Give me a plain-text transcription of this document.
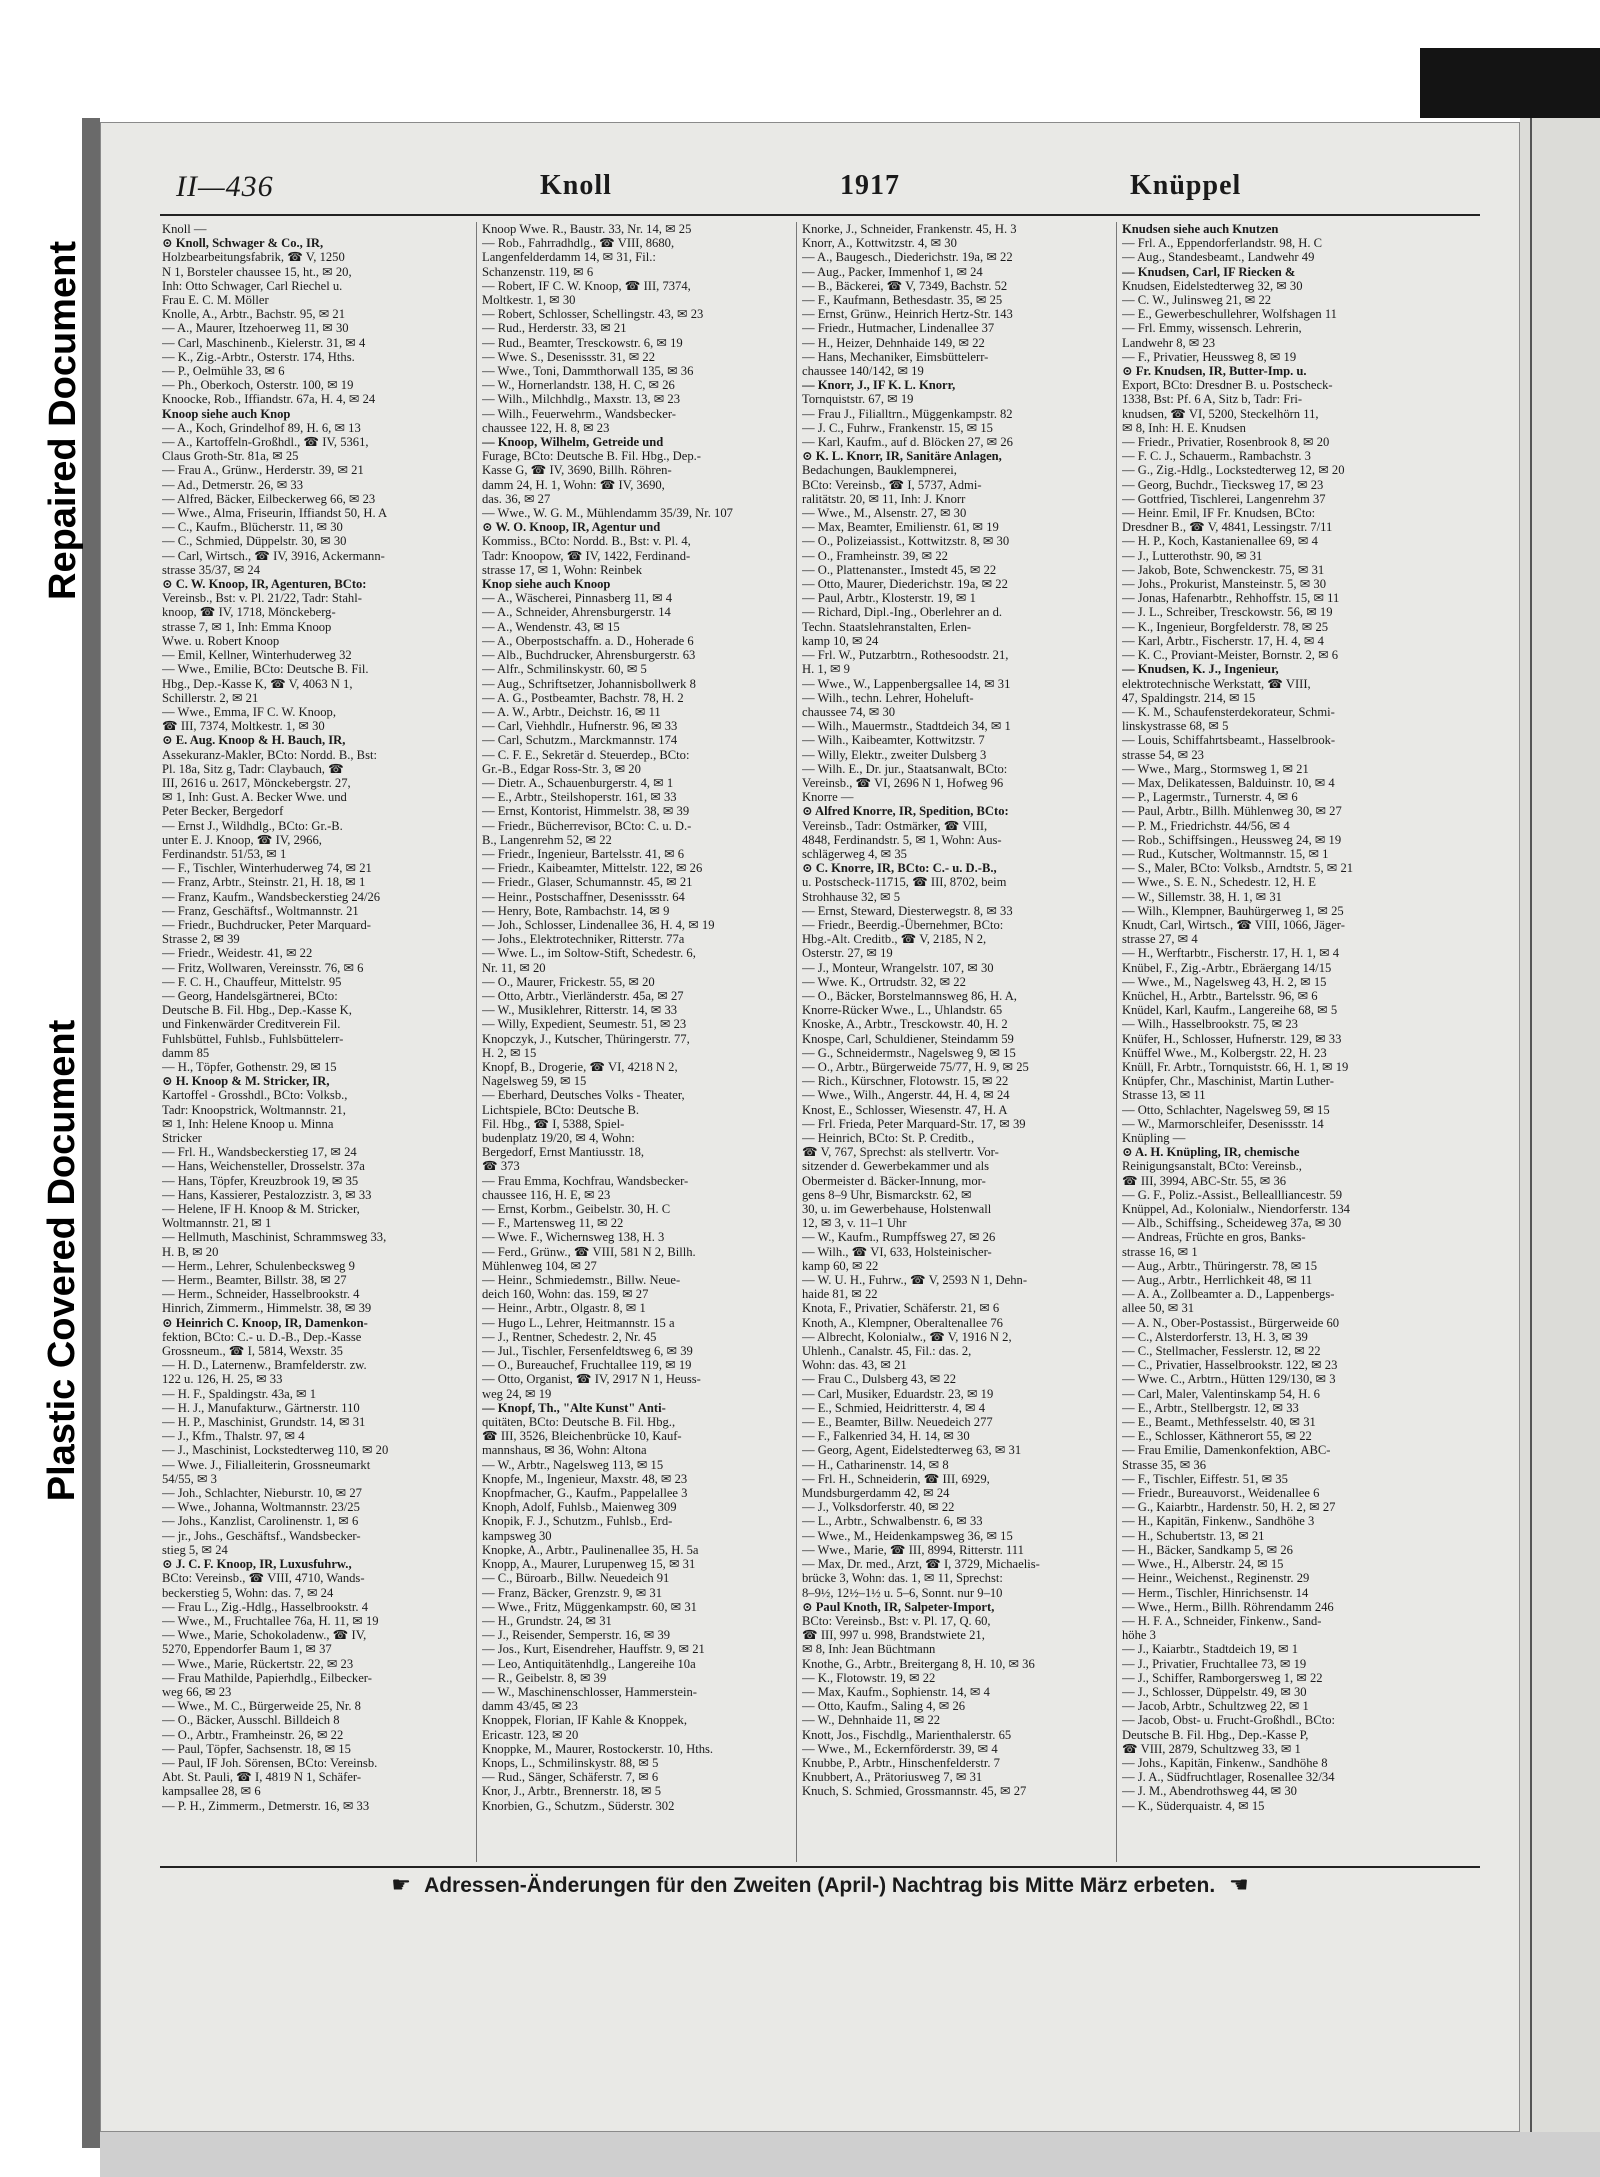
Repaired Document
Plastic Covered Document
II—436	Knoll	1917	Knüppel
Knoll —
⊙ Knoll, Schwager & Co., IR,
Holzbearbeitungsfabrik, ☎ V, 1250
N 1, Borsteler chaussee 15, ht., ✉ 20,
Inh: Otto Schwager, Carl Riechel u.
Frau E. C. M. Möller
Knolle, A., Arbtr., Bachstr. 95, ✉ 21
— A., Maurer, Itzehoerweg 11, ✉ 30
— Carl, Maschinenb., Kielerstr. 31, ✉ 4
— K., Zig.-Arbtr., Osterstr. 174, Hths.
— P., Oelmühle 33, ✉ 6
— Ph., Oberkoch, Osterstr. 100, ✉ 19
Knoocke, Rob., Iffiandstr. 67a, H. 4, ✉ 24
Knoop siehe auch Knop
— A., Koch, Grindelhof 89, H. 6, ✉ 13
— A., Kartoffeln-Großhdl., ☎ IV, 5361,
Claus Groth-Str. 81a, ✉ 25
— Frau A., Grünw., Herderstr. 39, ✉ 21
— Ad., Detmerstr. 26, ✉ 33
— Alfred, Bäcker, Eilbeckerweg 66, ✉ 23
— Wwe., Alma, Friseurin, Iffiandst 50, H. A
— C., Kaufm., Blücherstr. 11, ✉ 30
— C., Schmied, Düppelstr. 30, ✉ 30
— Carl, Wirtsch., ☎ IV, 3916, Ackermann-
strasse 35/37, ✉ 24
⊙ C. W. Knoop, IR, Agenturen, BCto:
Vereinsb., Bst: v. Pl. 21/22, Tadr: Stahl-
knoop, ☎ IV, 1718, Mönckeberg-
strasse 7, ✉ 1, Inh: Emma Knoop
Wwe. u. Robert Knoop
— Emil, Kellner, Winterhuderweg 32
— Wwe., Emilie, BCto: Deutsche B. Fil.
Hbg., Dep.-Kasse K, ☎ V, 4063 N 1,
Schillerstr. 2, ✉ 21
— Wwe., Emma, IF C. W. Knoop,
☎ III, 7374, Moltkestr. 1, ✉ 30
⊙ E. Aug. Knoop & H. Bauch, IR,
Assekuranz-Makler, BCto: Nordd. B., Bst:
Pl. 18a, Sitz g, Tadr: Claybauch, ☎
III, 2616 u. 2617, Mönckebergstr. 27,
✉ 1, Inh: Gust. A. Becker Wwe. und
Peter Becker, Bergedorf
— Ernst J., Wildhdlg., BCto: Gr.-B.
unter E. J. Knoop, ☎ IV, 2966,
Ferdinandstr. 51/53, ✉ 1
— F., Tischler, Winterhuderweg 74, ✉ 21
— Franz, Arbtr., Steinstr. 21, H. 18, ✉ 1
— Franz, Kaufm., Wandsbeckerstieg 24/26
— Franz, Geschäftsf., Woltmannstr. 21
— Friedr., Buchdrucker, Peter Marquard-
Strasse 2, ✉ 39
— Friedr., Weidestr. 41, ✉ 22
— Fritz, Wollwaren, Vereinsstr. 76, ✉ 6
— F. C. H., Chauffeur, Mittelstr. 95
— Georg, Handelsgärtnerei, BCto:
Deutsche B. Fil. Hbg., Dep.-Kasse K,
und Finkenwärder Creditverein Fil.
Fuhlsbüttel, Fuhlsb., Fuhlsbüttelerr-
damm 85
— H., Töpfer, Gothenstr. 29, ✉ 15
⊙ H. Knoop & M. Stricker, IR,
Kartoffel - Grosshdl., BCto: Volksb.,
Tadr: Knoopstrick, Woltmannstr. 21,
✉ 1, Inh: Helene Knoop u. Minna
Stricker
— Frl. H., Wandsbeckerstieg 17, ✉ 24
— Hans, Weichensteller, Drosselstr. 37a
— Hans, Töpfer, Kreuzbrook 19, ✉ 35
— Hans, Kassierer, Pestalozzistr. 3, ✉ 33
— Helene, IF H. Knoop & M. Stricker,
Woltmannstr. 21, ✉ 1
— Hellmuth, Maschinist, Schrammsweg 33,
H. B, ✉ 20
— Herm., Lehrer, Schulenbecksweg 9
— Herm., Beamter, Billstr. 38, ✉ 27
— Herm., Schneider, Hasselbrookstr. 4
Hinrich, Zimmerm., Himmelstr. 38, ✉ 39
⊙ Heinrich C. Knoop, IR, Damenkon-
fektion, BCto: C.- u. D.-B., Dep.-Kasse
Grossneum., ☎ I, 5814, Wexstr. 35
— H. D., Laternenw., Bramfelderstr. zw.
122 u. 126, H. 25, ✉ 33
— H. F., Spaldingstr. 43a, ✉ 1
— H. J., Manufakturw., Gärtnerstr. 110
— H. P., Maschinist, Grundstr. 14, ✉ 31
— J., Kfm., Thalstr. 97, ✉ 4
— J., Maschinist, Lockstedterweg 110, ✉ 20
— Wwe. J., Filialleiterin, Grossneumarkt
54/55, ✉ 3
— Joh., Schlachter, Nieburstr. 10, ✉ 27
— Wwe., Johanna, Woltmannstr. 23/25
— Johs., Kanzlist, Carolinenstr. 1, ✉ 6
— jr., Johs., Geschäftsf., Wandsbecker-
stieg 5, ✉ 24
⊙ J. C. F. Knoop, IR, Luxusfuhrw.,
BCto: Vereinsb., ☎ VIII, 4710, Wands-
beckerstieg 5, Wohn: das. 7, ✉ 24
— Frau L., Zig.-Hdlg., Hasselbrookstr. 4
— Wwe., M., Fruchtallee 76a, H. 11, ✉ 19
— Wwe., Marie, Schokoladenw., ☎ IV,
5270, Eppendorfer Baum 1, ✉ 37
— Wwe., Marie, Rückertstr. 22, ✉ 23
— Frau Mathilde, Papierhdlg., Eilbecker-
weg 66, ✉ 23
— Wwe., M. C., Bürgerweide 25, Nr. 8
— O., Bäcker, Ausschl. Billdeich 8
— O., Arbtr., Framheinstr. 26, ✉ 22
— Paul, Töpfer, Sachsenstr. 18, ✉ 15
— Paul, IF Joh. Sörensen, BCto: Vereinsb.
Abt. St. Pauli, ☎ I, 4819 N 1, Schäfer-
kampsallee 28, ✉ 6
— P. H., Zimmerm., Detmerstr. 16, ✉ 33
Knoop Wwe. R., Baustr. 33, Nr. 14, ✉ 25
— Rob., Fahrradhdlg., ☎ VIII, 8680,
Langenfelderdamm 14, ✉ 31, Fil.:
Schanzenstr. 119, ✉ 6
— Robert, IF C. W. Knoop, ☎ III, 7374,
Moltkestr. 1, ✉ 30
— Robert, Schlosser, Schellingstr. 43, ✉ 23
— Rud., Herderstr. 33, ✉ 21
— Rud., Beamter, Tresckowstr. 6, ✉ 19
— Wwe. S., Desenissstr. 31, ✉ 22
— Wwe., Toni, Dammthorwall 135, ✉ 36
— W., Hornerlandstr. 138, H. C, ✉ 26
— Wilh., Milchhdlg., Maxstr. 13, ✉ 23
— Wilh., Feuerwehrm., Wandsbecker-
chaussee 122, H. 8, ✉ 23
— Knoop, Wilhelm, Getreide und
Furage, BCto: Deutsche B. Fil. Hbg., Dep.-
Kasse G, ☎ IV, 3690, Billh. Röhren-
damm 24, H. 1, Wohn: ☎ IV, 3690,
das. 36, ✉ 27
— Wwe., W. G. M., Mühlendamm 35/39, Nr. 107
⊙ W. O. Knoop, IR, Agentur und
Kommiss., BCto: Nordd. B., Bst: v. Pl. 4,
Tadr: Knoopow, ☎ IV, 1422, Ferdinand-
strasse 17, ✉ 1, Wohn: Reinbek
Knop siehe auch Knoop
— A., Wäscherei, Pinnasberg 11, ✉ 4
— A., Schneider, Ahrensburgerstr. 14
— A., Wendenstr. 43, ✉ 15
— A., Oberpostschaffn. a. D., Hoherade 6
— Alb., Buchdrucker, Ahrensburgerstr. 63
— Alfr., Schmilinskystr. 60, ✉ 5
— Aug., Schriftsetzer, Johannisbollwerk 8
— A. G., Postbeamter, Bachstr. 78, H. 2
— A. W., Arbtr., Deichstr. 16, ✉ 11
— Carl, Viehhdlr., Hufnerstr. 96, ✉ 33
— Carl, Schutzm., Marckmannstr. 174
— C. F. E., Sekretär d. Steuerdep., BCto:
Gr.-B., Edgar Ross-Str. 3, ✉ 20
— Dietr. A., Schauenburgerstr. 4, ✉ 1
— E., Arbtr., Steilshoperstr. 161, ✉ 33
— Ernst, Kontorist, Himmelstr. 38, ✉ 39
— Friedr., Bücherrevisor, BCto: C. u. D.-
B., Langenrehm 52, ✉ 22
— Friedr., Ingenieur, Bartelsstr. 41, ✉ 6
— Friedr., Kaibeamter, Mittelstr. 122, ✉ 26
— Friedr., Glaser, Schumannstr. 45, ✉ 21
— Heinr., Postschaffner, Desenissstr. 64
— Henry, Bote, Rambachstr. 14, ✉ 9
— Joh., Schlosser, Lindenallee 36, H. 4, ✉ 19
— Johs., Elektrotechniker, Ritterstr. 77a
— Wwe. L., im Soltow-Stift, Schedestr. 6,
Nr. 11, ✉ 20
— O., Maurer, Frickestr. 55, ✉ 20
— Otto, Arbtr., Vierländerstr. 45a, ✉ 27
— W., Musiklehrer, Ritterstr. 14, ✉ 33
— Willy, Expedient, Seumestr. 51, ✉ 23
Knopczyk, J., Kutscher, Thüringerstr. 77,
H. 2, ✉ 15
Knopf, B., Drogerie, ☎ VI, 4218 N 2,
Nagelsweg 59, ✉ 15
— Eberhard, Deutsches Volks - Theater,
Lichtspiele, BCto: Deutsche B.
Fil. Hbg., ☎ I, 5388, Spiel-
budenplatz 19/20, ✉ 4, Wohn:
Bergedorf, Ernst Mantiusstr. 18,
☎ 373
— Frau Emma, Kochfrau, Wandsbecker-
chaussee 116, H. E, ✉ 23
— Ernst, Korbm., Geibelstr. 30, H. C
— F., Martensweg 11, ✉ 22
— Wwe. F., Wichernsweg 138, H. 3
— Ferd., Grünw., ☎ VIII, 581 N 2, Billh.
Mühlenweg 104, ✉ 27
— Heinr., Schmiedemstr., Billw. Neue-
deich 160, Wohn: das. 159, ✉ 27
— Heinr., Arbtr., Olgastr. 8, ✉ 1
— Hugo L., Lehrer, Heitmannstr. 15 a
— J., Rentner, Schedestr. 2, Nr. 45
— Jul., Tischler, Fersenfeldtsweg 6, ✉ 39
— O., Bureauchef, Fruchtallee 119, ✉ 19
— Otto, Organist, ☎ IV, 2917 N 1, Heuss-
weg 24, ✉ 19
— Knopf, Th., "Alte Kunst" Anti-
quitäten, BCto: Deutsche B. Fil. Hbg.,
☎ III, 3526, Bleichenbrücke 10, Kauf-
mannshaus, ✉ 36, Wohn: Altona
— W., Arbtr., Nagelsweg 113, ✉ 15
Knopfe, M., Ingenieur, Maxstr. 48, ✉ 23
Knopfmacher, G., Kaufm., Pappelallee 3
Knoph, Adolf, Fuhlsb., Maienweg 309
Knopik, F. J., Schutzm., Fuhlsb., Erd-
kampsweg 30
Knopke, A., Arbtr., Paulinenallee 35, H. 5a
Knopp, A., Maurer, Lurupenweg 15, ✉ 31
— C., Büroarb., Billw. Neuedeich 91
— Franz, Bäcker, Grenzstr. 9, ✉ 31
— Wwe., Fritz, Müggenkampstr. 60, ✉ 31
— H., Grundstr. 24, ✉ 31
— J., Reisender, Semperstr. 16, ✉ 39
— Jos., Kurt, Eisendreher, Hauffstr. 9, ✉ 21
— Leo, Antiquitätenhdlg., Langereihe 10a
— R., Geibelstr. 8, ✉ 39
— W., Maschinenschlosser, Hammerstein-
damm 43/45, ✉ 23
Knoppek, Florian, IF Kahle & Knoppek,
Ericastr. 123, ✉ 20
Knoppke, M., Maurer, Rostockerstr. 10, Hths.
Knops, L., Schmilinskystr. 88, ✉ 5
— Rud., Sänger, Schäferstr. 7, ✉ 6
Knor, J., Arbtr., Brennerstr. 18, ✉ 5
Knorbien, G., Schutzm., Süderstr. 302
Knorke, J., Schneider, Frankenstr. 45, H. 3
Knorr, A., Kottwitzstr. 4, ✉ 30
— A., Baugesch., Diederichstr. 19a, ✉ 22
— Aug., Packer, Immenhof 1, ✉ 24
— B., Bäckerei, ☎ V, 7349, Bachstr. 52
— F., Kaufmann, Bethesdastr. 35, ✉ 25
— Ernst, Grünw., Heinrich Hertz-Str. 143
— Friedr., Hutmacher, Lindenallee 37
— H., Heizer, Dehnhaide 149, ✉ 22
— Hans, Mechaniker, Eimsbüttelerr-
chaussee 140/142, ✉ 19
— Knorr, J., IF K. L. Knorr,
Tornquiststr. 67, ✉ 19
— Frau J., Filialltrn., Müggenkampstr. 82
— J. C., Fuhrw., Frankenstr. 15, ✉ 15
— Karl, Kaufm., auf d. Blöcken 27, ✉ 26
⊙ K. L. Knorr, IR, Sanitäre Anlagen,
Bedachungen, Bauklempnerei,
BCto: Vereinsb., ☎ I, 5737, Admi-
ralitätstr. 20, ✉ 11, Inh: J. Knorr
— Wwe., M., Alsenstr. 27, ✉ 30
— Max, Beamter, Emilienstr. 61, ✉ 19
— O., Polizeiassist., Kottwitzstr. 8, ✉ 30
— O., Framheinstr. 39, ✉ 22
— O., Plattenanster., Imstedt 45, ✉ 22
— Otto, Maurer, Diederichstr. 19a, ✉ 22
— Paul, Arbtr., Klosterstr. 19, ✉ 1
— Richard, Dipl.-Ing., Oberlehrer an d.
Techn. Staatslehranstalten, Erlen-
kamp 10, ✉ 24
— Frl. W., Putzarbtrn., Rothesoodstr. 21,
H. 1, ✉ 9
— Wwe., W., Lappenbergsallee 14, ✉ 31
— Wilh., techn. Lehrer, Hoheluft-
chaussee 74, ✉ 30
— Wilh., Mauermstr., Stadtdeich 34, ✉ 1
— Wilh., Kaibeamter, Kottwitzstr. 7
— Willy, Elektr., zweiter Dulsberg 3
— Wilh. E., Dr. jur., Staatsanwalt, BCto:
Vereinsb., ☎ VI, 2696 N 1, Hofweg 96
Knorre —
⊙ Alfred Knorre, IR, Spedition, BCto:
Vereinsb., Tadr: Ostmärker, ☎ VIII,
4848, Ferdinandstr. 5, ✉ 1, Wohn: Aus-
schlägerweg 4, ✉ 35
⊙ C. Knorre, IR, BCto: C.- u. D.-B.,
u. Postscheck-11715, ☎ III, 8702, beim
Strohhause 32, ✉ 5
— Ernst, Steward, Diesterwegstr. 8, ✉ 33
— Friedr., Beerdig.-Übernehmer, BCto:
Hbg.-Alt. Creditb., ☎ V, 2185, N 2,
Osterstr. 27, ✉ 19
— J., Monteur, Wrangelstr. 107, ✉ 30
— Wwe. K., Ortrudstr. 32, ✉ 22
— O., Bäcker, Borstelmannsweg 86, H. A,
Knorre-Rücker Wwe., L., Uhlandstr. 65
Knoske, A., Arbtr., Tresckowstr. 40, H. 2
Knospe, Carl, Schuldiener, Steindamm 59
— G., Schneidermstr., Nagelsweg 9, ✉ 15
— O., Arbtr., Bürgerweide 75/77, H. 9, ✉ 25
— Rich., Kürschner, Flotowstr. 15, ✉ 22
— Wwe., Wilh., Angerstr. 44, H. 4, ✉ 24
Knost, E., Schlosser, Wiesenstr. 47, H. A
— Frl. Frieda, Peter Marquard-Str. 17, ✉ 39
— Heinrich, BCto: St. P. Creditb.,
☎ V, 767, Sprechst: als stellvertr. Vor-
sitzender d. Gewerbekammer und als
Obermeister d. Bäcker-Innung, mor-
gens 8–9 Uhr, Bismarckstr. 62, ✉
30, u. im Gewerbehause, Holstenwall
12, ✉ 3, v. 11–1 Uhr
— W., Kaufm., Rumpffsweg 27, ✉ 26
— Wilh., ☎ VI, 633, Holsteinischer-
kamp 60, ✉ 22
— W. U. H., Fuhrw., ☎ V, 2593 N 1, Dehn-
haide 81, ✉ 22
Knota, F., Privatier, Schäferstr. 21, ✉ 6
Knoth, A., Klempner, Oberaltenallee 76
— Albrecht, Kolonialw., ☎ V, 1916 N 2,
Uhlenh., Canalstr. 45, Fil.: das. 2,
Wohn: das. 43, ✉ 21
— Frau C., Dulsberg 43, ✉ 22
— Carl, Musiker, Eduardstr. 23, ✉ 19
— E., Schmied, Heidritterstr. 4, ✉ 4
— E., Beamter, Billw. Neuedeich 277
— F., Falkenried 34, H. 14, ✉ 30
— Georg, Agent, Eidelstedterweg 63, ✉ 31
— H., Catharinenstr. 14, ✉ 8
— Frl. H., Schneiderin, ☎ III, 6929,
Mundsburgerdamm 42, ✉ 24
— J., Volksdorferstr. 40, ✉ 22
— L., Arbtr., Schwalbenstr. 6, ✉ 33
— Wwe., M., Heidenkampsweg 36, ✉ 15
— Wwe., Marie, ☎ III, 8994, Ritterstr. 111
— Max, Dr. med., Arzt, ☎ I, 3729, Michaelis-
brücke 3, Wohn: das. 1, ✉ 11, Sprechst:
8–9½, 12½–1½ u. 5–6, Sonnt. nur 9–10
⊙ Paul Knoth, IR, Salpeter-Import,
BCto: Vereinsb., Bst: v. Pl. 17, Q. 60,
☎ III, 997 u. 998, Brandstwiete 21,
✉ 8, Inh: Jean Büchtmann
Knothe, G., Arbtr., Breitergang 8, H. 10, ✉ 36
— K., Flotowstr. 19, ✉ 22
— Max, Kaufm., Sophienstr. 14, ✉ 4
— Otto, Kaufm., Saling 4, ✉ 26
— W., Dehnhaide 11, ✉ 22
Knott, Jos., Fischdlg., Marienthalerstr. 65
— Wwe., M., Eckernförderstr. 39, ✉ 4
Knubbe, P., Arbtr., Hinschenfelderstr. 7
Knubbert, A., Prätoriusweg 7, ✉ 31
Knuch, S. Schmied, Grossmannstr. 45, ✉ 27
Knudsen siehe auch Knutzen
— Frl. A., Eppendorferlandstr. 98, H. C
— Aug., Standesbeamt., Landwehr 49
— Knudsen, Carl, IF Riecken &
Knudsen, Eidelstedterweg 32, ✉ 30
— C. W., Julinsweg 21, ✉ 22
— E., Gewerbeschullehrer, Wolfshagen 11
— Frl. Emmy, wissensch. Lehrerin,
Landwehr 8, ✉ 23
— F., Privatier, Heussweg 8, ✉ 19
⊙ Fr. Knudsen, IR, Butter-Imp. u.
Export, BCto: Dresdner B. u. Postscheck-
1338, Bst: Pf. 6 A, Sitz b, Tadr: Fri-
knudsen, ☎ VI, 5200, Steckelhörn 11,
✉ 8, Inh: H. E. Knudsen
— Friedr., Privatier, Rosenbrook 8, ✉ 20
— F. C. J., Schauerm., Rambachstr. 3
— G., Zig.-Hdlg., Lockstedterweg 12, ✉ 20
— Georg, Buchdr., Tiecksweg 17, ✉ 23
— Gottfried, Tischlerei, Langenrehm 37
— Heinr. Emil, IF Fr. Knudsen, BCto:
Dresdner B., ☎ V, 4841, Lessingstr. 7/11
— H. P., Koch, Kastanienallee 69, ✉ 4
— J., Lutterothstr. 90, ✉ 31
— Jakob, Bote, Schwenckestr. 75, ✉ 31
— Johs., Prokurist, Mansteinstr. 5, ✉ 30
— Jonas, Hafenarbtr., Rehhoffstr. 15, ✉ 11
— J. L., Schreiber, Tresckowstr. 56, ✉ 19
— K., Ingenieur, Borgfelderstr. 78, ✉ 25
— Karl, Arbtr., Fischerstr. 17, H. 4, ✉ 4
— K. C., Proviant-Meister, Bornstr. 2, ✉ 6
— Knudsen, K. J., Ingenieur,
elektrotechnische Werkstatt, ☎ VIII,
47, Spaldingstr. 214, ✉ 15
— K. M., Schaufensterdekorateur, Schmi-
linskystrasse 68, ✉ 5
— Louis, Schiffahrtsbeamt., Hasselbrook-
strasse 54, ✉ 23
— Wwe., Marg., Stormsweg 1, ✉ 21
— Max, Delikatessen, Balduinstr. 10, ✉ 4
— P., Lagermstr., Turnerstr. 4, ✉ 6
— Paul, Arbtr., Billh. Mühlenweg 30, ✉ 27
— P. M., Friedrichstr. 44/56, ✉ 4
— Rob., Schiffsingen., Heussweg 24, ✉ 19
— Rud., Kutscher, Woltmannstr. 15, ✉ 1
— S., Maler, BCto: Volksb., Arndtstr. 5, ✉ 21
— Wwe., S. E. N., Schedestr. 12, H. E
— W., Sillemstr. 38, H. 1, ✉ 31
— Wilh., Klempner, Bauhürgerweg 1, ✉ 25
Knudt, Carl, Wirtsch., ☎ VIII, 1066, Jäger-
strasse 27, ✉ 4
— H., Werftarbtr., Fischerstr. 17, H. 1, ✉ 4
Knübel, F., Zig.-Arbtr., Ebräergang 14/15
— Wwe., M., Nagelsweg 43, H. 2, ✉ 15
Knüchel, H., Arbtr., Bartelsstr. 96, ✉ 6
Knüdel, Karl, Kaufm., Langereihe 68, ✉ 5
— Wilh., Hasselbrookstr. 75, ✉ 23
Knüfer, H., Schlosser, Hufnerstr. 129, ✉ 33
Knüffel Wwe., M., Kolbergstr. 22, H. 23
Knüll, Fr. Arbtr., Tornquiststr. 66, H. 1, ✉ 19
Knüpfer, Chr., Maschinist, Martin Luther-
Strasse 13, ✉ 11
— Otto, Schlachter, Nagelsweg 59, ✉ 15
— W., Marmorschleifer, Desenissstr. 14
Knüpling —
⊙ A. H. Knüpling, IR, chemische
Reinigungsanstalt, BCto: Vereinsb.,
☎ III, 3994, ABC-Str. 55, ✉ 36
— G. F., Poliz.-Assist., Belleallliancestr. 59
Knüppel, Ad., Kolonialw., Niendorferstr. 134
— Alb., Schiffsing., Scheideweg 37a, ✉ 30
— Andreas, Früchte en gros, Banks-
strasse 16, ✉ 1
— Aug., Arbtr., Thüringerstr. 78, ✉ 15
— Aug., Arbtr., Herrlichkeit 48, ✉ 11
— A. A., Zollbeamter a. D., Lappenbergs-
allee 50, ✉ 31
— A. N., Ober-Postassist., Bürgerweide 60
— C., Alsterdorferstr. 13, H. 3, ✉ 39
— C., Stellmacher, Fesslerstr. 12, ✉ 22
— C., Privatier, Hasselbrookstr. 122, ✉ 23
— Wwe. C., Arbtrn., Hütten 129/130, ✉ 3
— Carl, Maler, Valentinskamp 54, H. 6
— E., Arbtr., Stellbergstr. 12, ✉ 33
— E., Beamt., Methfesselstr. 40, ✉ 31
— E., Schlosser, Käthnerort 55, ✉ 22
— Frau Emilie, Damenkonfektion, ABC-
Strasse 35, ✉ 36
— F., Tischler, Eiffestr. 51, ✉ 35
— Friedr., Bureauvorst., Weidenallee 6
— G., Kaiarbtr., Hardenstr. 50, H. 2, ✉ 27
— H., Kapitän, Finkenw., Sandhöhe 3
— H., Schubertstr. 13, ✉ 21
— H., Bäcker, Sandkamp 5, ✉ 26
— Wwe., H., Alberstr. 24, ✉ 15
— Heinr., Weichenst., Reginenstr. 29
— Herm., Tischler, Hinrichsenstr. 14
— Wwe., Herm., Billh. Röhrendamm 246
— H. F. A., Schneider, Finkenw., Sand-
höhe 3
— J., Kaiarbtr., Stadtdeich 19, ✉ 1
— J., Privatier, Fruchtallee 73, ✉ 19
— J., Schiffer, Ramborgersweg 1, ✉ 22
— J., Schlosser, Düppelstr. 49, ✉ 30
— Jacob, Arbtr., Schultzweg 22, ✉ 1
— Jacob, Obst- u. Frucht-Großhdl., BCto:
Deutsche B. Fil. Hbg., Dep.-Kasse P,
☎ VIII, 2879, Schultzweg 33, ✉ 1
— Johs., Kapitän, Finkenw., Sandhöhe 8
— J. A., Südfruchtlager, Rosenallee 32/34
— J. M., Abendrothsweg 44, ✉ 30
— K., Süderquaistr. 4, ✉ 15
☛ Adressen-Änderungen für den Zweiten (April-) Nachtrag bis Mitte März erbeten. ☚
